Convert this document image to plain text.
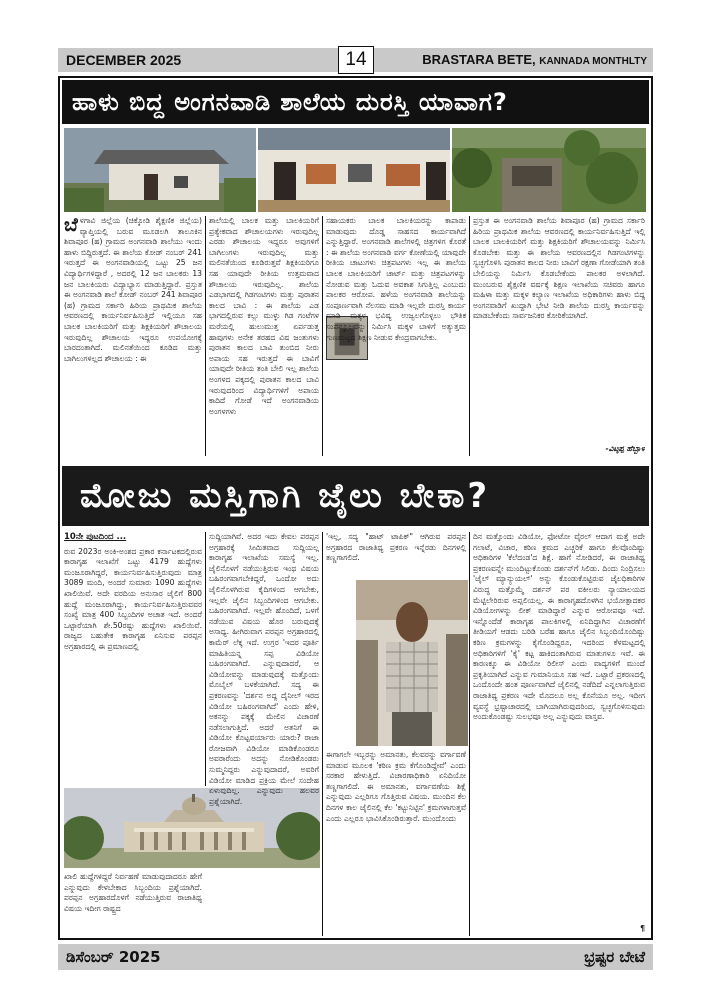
DECEMBER 2025	14	BRASTARA BETE, KANNADA MONTHLTY
ಹಾಳು ಬಿದ್ದ ಅಂಗನವಾಡಿ ಶಾಲೆಯ ದುರಸ್ತಿ ಯಾವಾಗ?
ಬೆಳಗಾವಿ ಜಿಲ್ಲೆಯ (ಚಿಕ್ಕೋಡಿ ಶೈಕ್ಷಣಿಕ ಜಿಲ್ಲೆಯ) ವ್ಯಾಪ್ತಿಯಲ್ಲಿ ಬರುವ ಮೂಡಲಗಿ ತಾಲೂಕಿನ ಶಿವಾಪೂರ (ಹ) ಗ್ರಾಮದ ಅಂಗನವಾಡಿ ಶಾಲೆಯು ಇಂದು ಹಾಳು ಬಿದ್ದಿರುತ್ತದೆ. ಈ ಶಾಲೆಯ ಕೋಡ್ ನಂಬರ್ 241 ಇರುತ್ತದೆ ಈ ಅಂಗನವಾಡಿಯಲ್ಲಿ ಒಟ್ಟು 25 ಜನ ವಿದ್ಯಾರ್ಥಿಗಳಿದ್ದಾರೆ , ಅದರಲ್ಲಿ 12 ಜನ ಬಾಲಕರು 13 ಜನ ಬಾಲಕಿಯರು ವಿದ್ಯಾಭ್ಯಾಸ ಮಾಡುತ್ತಿದ್ದಾರೆ. ಪ್ರಸ್ತುತ ಈ ಅಂಗನವಾಡಿ ಶಾಲೆ ಕೋಡ್ ನಂಬರ್ 241 ಶಿವಾಪೂರ (ಹ) ಗ್ರಾಮದ ಸರ್ಕಾರಿ ಹಿರಿಯ ಪ್ರಾಥಮಿಕ ಶಾಲೆಯ ಆವರಣದಲ್ಲಿ ಕಾರ್ಯನಿರ್ವಹಿಸುತ್ತಿದೆ ಇಲ್ಲಿಯೂ ಸಹ ಬಾಲಕ ಬಾಲಕಿಯರಿಗೆ ಮತ್ತು ಶಿಕ್ಷಕಿಯರಿಗೆ ಶೌಚಾಲಯ ಇರುವುದಿಲ್ಲ ಶೌಚಾಲಯ ಇದ್ದರೂ ಉಪಯೋಗಕ್ಕೆ ಬಾರದಂತಾಗಿದೆ. ಮಲಿನತೆಯಿಂದ ಕೂಡಿದ ಮತ್ತು ಬಾಗಿಲುಗಳಿಲ್ಲದ ಶೌಚಾಲಯ : ಈ
ಶಾಲೆಯಲ್ಲಿ ಬಾಲಕ ಮತ್ತು ಬಾಲಕಿಯರಿಗೆ ಪ್ರತ್ಯೇಕವಾದ ಶೌಚಾಲಯಗಳು ಇರುವುದಿಲ್ಲ ಎರಡು ಶೌಚಾಲಯ ಇದ್ದರೂ ಅವುಗಳಿಗೆ ಬಾಗಿಲುಗಳು ಇರುವುದಿಲ್ಲ ಮತ್ತು ಮಲಿನತೆಯಿಂದ ಕೂಡಿರುತ್ತವೆ ಶಿಕ್ಷಕಿಯರಿಗೂ ಸಹ ಯಾವುದೇ ರೀತಿಯ ಉತ್ತಮವಾದ ಶೌಚಾಲಯ ಇರುವುದಿಲ್ಲ. ಶಾಲೆಯ ಎಡಭಾಗದಲ್ಲಿ ಗಿಡಗಂಟಿಗಳು ಮತ್ತು ಪುರಾತನ ಕಾಲದ ಬಾವಿ : ಈ ಶಾಲೆಯ ಎಡ ಭಾಗದಲ್ಲಿರುವ ಕಲ್ಲು ಮುಳ್ಳು ಗಿಡ ಗಂಟೆಗಳ ಮರೆಯಲ್ಲಿ ಹುಲುಮುತ್ತ ಏರ್ಪಡುತ್ತ ಹಾವುಗಳು ಅನೇಕ ತರಹದ ವಿಷ ಜಂತುಗಳು ಪುರಾತನ ಕಾಲದ ಬಾವಿ ತುಂಬಿದ ನೀರು ಅಪಾಯ ಸಹ ಇರುತ್ತದೆ ಈ ಬಾವಿಗೆ ಯಾವುದೇ ರೀತಿಯ ತಂತಿ ಬೇಲಿ ಇಲ್ಲ ಶಾಲೆಯ ಅಂಗಳದ ಪಕ್ಕದಲ್ಲಿ ಪುರಾತನ ಕಾಲದ ಬಾವಿ ಇರುವುದರಿಂದ ವಿದ್ಯಾರ್ಥಿಗಳಿಗೆ ಅಪಾಯ ಕಾದಿದೆ ಗೋಡೆ ಇದೆ ಅಂಗನವಾಡಿಯ ಅಂಗಳಗಳು
ಸಹಾಯಕರು ಬಾಲಕ ಬಾಲಕಿಯರನ್ನು ಕಾಪಾಡು ಮಾಡುವುದು ದೊಡ್ಡ ಸಾಹಸದ ಕಾರ್ಯವಾಗಿದೆ ಎನ್ನುತ್ತಿದ್ದಾರೆ. ಅಂಗನವಾಡಿ ಶಾಲೆಗಳಲ್ಲಿ ಚಿತ್ರಗಳಿಗ ಕೊರತೆ : ಈ ಶಾಲೆಯ ಅಂಗನವಾಡಿ ವರ್ಗ ಕೋಣೆಯಲ್ಲಿ ಯಾವುದೇ ರೀತಿಯ ಚಾಟುಗಳು ಚಿತ್ರಪಟಗಳು ಇಲ್ಲ ಈ ಶಾಲೆಯ ಬಾಲಕ ಬಾಲಕಿಯರಿಗೆ ಚಾರ್ಟ್ ಮತ್ತು ಚಿತ್ರಪಟಗಳನ್ನು ನೋಡುವ ಮತ್ತು ಓದುವ ಅವಕಾಶ ಸಿಗುತ್ತಿಲ್ಲ ಎಂಬುದು ಪಾಲಕರ ಆರೋಪ. ಹಳೆಯ ಅಂಗನವಾಡಿ ಶಾಲೆಯನ್ನು ಸಂಪೂರ್ಣವಾಗಿ ನೆಲಸಮ ಮಾಡಿ ಇಲ್ಲವೇ ದುರಸ್ತಿ ಕಾರ್ಯ ಮಾಡಿ ಮಕ್ಕಳ ಭವಿಷ್ಯ ಉಜ್ವಲಗೊಳ್ಳಲು ಭೌತಿಕ ಸಂಪನ್ಮೂಲವನ್ನು ನಿರ್ಮಿಸಿ ಮಕ್ಕಳ ಬಾಳಿಗೆ ಅತ್ಯುತ್ತಮ ಗುಣಮಟ್ಟದ ಶಿಕ್ಷಣ ನೀಡುವ ಕೇಂದ್ರವಾಗಬೇಕು.
ಪ್ರಸ್ತುತ ಈ ಅಂಗನವಾಡಿ ಶಾಲೆಯ ಶಿವಾಪೂರ (ಹ) ಗ್ರಾಮದ ಸರ್ಕಾರಿ ಹಿರಿಯ ಪ್ರಾಥಮಿಕ ಶಾಲೆಯ ಆವರಣದಲ್ಲಿ ಕಾರ್ಯನಿರ್ವಹಿಸುತ್ತಿದೆ ಇಲ್ಲಿ ಬಾಲಕ ಬಾಲಕಿಯರಿಗೆ ಮತ್ತು ಶಿಕ್ಷಕಿಯರಿಗೆ ಶೌಚಾಲಯವನ್ನು ನಿರ್ಮಿಸಿ ಕೊಡಬೇಕು ಮತ್ತು ಈ ಶಾಲೆಯ ಆವರಣದಲ್ಲಿನ ಗಿಡಗಂಟಿಗಳನ್ನು ಸ್ವಚ್ಛಗೊಳಿಸಿ ಪುರಾತನ ಕಾಲದ ನೀರು ಬಾವಿಗೆ ರಕ್ಷಣಾ ಗೋಡೆಯಾಗಿ ತಂತಿ ಬೇಲಿಯನ್ನು ನಿರ್ಮಿಸಿ ಕೊಡಬೇಕೆಂದು ಪಾಲಕರ ಅಳಲಾಗಿದೆ. ಮುಂಬರುವ ಶೈಕ್ಷಣಿಕ ವರ್ಷಕ್ಕೆ ಶಿಕ್ಷಣ ಇಲಾಖೆಯ ಸಚಿವರು ಹಾಗೂ ಮಹಿಳಾ ಮತ್ತು ಮಕ್ಕಳ ಕಲ್ಯಾಣ ಇಲಾಖೆಯ ಅಧಿಕಾರಿಗಳು ಹಾಳು ಬಿದ್ದ ಅಂಗನವಾಡಿಗೆ ಖುದ್ದಾಗಿ ಭೇಟಿ ನೀಡಿ ಶಾಲೆಯ ದುರಸ್ತಿ ಕಾರ್ಯವನ್ನು ಮಾಡಬೇಕೆಂದು ಸಾರ್ವಜನಿಕರ ಕೋರಿಕೆಯಾಗಿದೆ.
-ವಿಟ್ಠಪ್ಪ ಹೆಬ್ಬಾಳ
ಮೋಜು ಮಸ್ತಿಗಾಗಿ ಜೈಲು ಬೇಕಾ?
10ನೇ ಪುಟದಿಂದ ...
ರುವ 2023ರ ಅಂಕಿ-ಅಂಶದ ಪ್ರಕಾರ ಕರ್ನಾಟಕದಲ್ಲಿರುವ ಕಾರಾಗೃಹ ಇಲಾಖೆಗೆ ಒಟ್ಟು 4179 ಹುದ್ದೆಗಳು ಮಂಜೂರಾಗಿದ್ದರೆ, ಕಾರ್ಯನಿರ್ವಹಿಸುತ್ತಿರುವುದು ಮಾತ್ರ 3089 ಮಂದಿ, ಅಂದರೆ ಸುಮಾರು 1090 ಹುದ್ದೆಗಳು ಖಾಲಿಯಿವೆ. ಅದೇ ವರದಿಯ ಅನುಸಾರ ಜೈಲಿಗೆ 800 ಹುದ್ದೆ ಮಂಜೂರಾಗಿದ್ದು, ಕಾರ್ಯನಿರ್ವಹಿಸುತ್ತಿರುವವರ ಸಂಖ್ಯೆ ಮಾತ್ರ 400 ಸಿಬ್ಬಂದಿಗಳ ಅಚಾತ ಇದೆ. ಅಂದರೆ ಒಟ್ಟಾರೆಯಾಗಿ ಶೇ.50ರಷ್ಟು ಹುದ್ದೆಗಳು ಖಾಲಿಯಿವೆ. ರಾಜ್ಯದ ಬಹುತೇಕ ಕಾರಾಗೃಹ ಏನಿಸುವ ಪರಪ್ಪನ ಅಗ್ರಹಾರದಲ್ಲಿ ಈ ಪ್ರಮಾಣದಲ್ಲಿ
ಖಾಲಿ ಹುದ್ದೆಗಳಿದ್ದರೆ ನಿರ್ವಹಣೆ ಮಾಡುವುದಾದರೂ ಹೇಗೆ ಎನ್ನುವುದು ಕೇಳಬೇಕಾದ ಸಿಬ್ಬಂದಿಯ ಪ್ರಶ್ನೆಯಾಗಿದೆ. ಪರಪ್ಪನ ಅಗ್ರಹಾರದೊಳಗೆ ನಡೆಯುತ್ತಿರುವ ರಾಜಾತಿಥ್ಯ ವಿಷಯ ಇದೀಗ ರಾಷ್ಟ್ರದ
ಸುದ್ದಿಯಾಗಿವೆ. ಅದರ ಇದು ಕೇವಲ ಪರಪ್ಪನ ಅಗ್ರಹಾರಕ್ಕೆ ಸೀಮಿತವಾದ ಸುದ್ದಿಯಲ್ಲ ಕಾರಾಗೃಹ ಇಲಾಖೆಯ ಸಮಸ್ಯೆ ಇಲ್ಲ. ಜೈಲಿನೊಳಗೆ ನಡೆಯುತ್ತಿರುವ ಇಂಥ ವಿಷಯ ಬಹಿರಂಗವಾಗಬೇಕಿದ್ದರೆ, ಒಂದೋ ಅದು ಜೈಲಿನೊಳಗಿರುವ ಕೈದಿಗಳಿಂದ ಆಗಬೇಕು, ಇಲ್ಲವೇ ಜೈಲಿನ ಸಿಬ್ಬಂದಿಗಳಿಂದ ಆಗಬೇಕು. ಬಹಿರಂಗವಾಗಿದೆ. ಇಲ್ಲವೇ ಹೊಂದಿದೆ, ಒಳಗೆ ನಡೆಯುವ ವಿಷಯ ಹೊರ ಬರುವುದಕ್ಕೆ ಅಸಾಧ್ಯ. ಹೀಗಿರುವಾಗ ಪರಪ್ಪನ ಅಗ್ರಹಾರದಲ್ಲಿ ಕಾಮೆರ್ ಲೆಕ್ಕ ಇದೆ. ಉಗ್ರರ 'ಇದರ ಪೂರ್ತಿ ಮಾಹಿತಿಯನ್ನ ಸಪ್ಪ ವಿಡಿಯೋ ಬಹಿರಂಗವಾಗಿದೆ. ಎನ್ನುವುದಾದರೆ, ಆ ವಿಡಿಯೋವನ್ನು ಮಾಡುವುದಕ್ಕೆ ಮತ್ತೊಂದು ಮೊಬೈಲ್ ಬಳಕೆಯಾಗಿದೆ. ಸದ್ಯ ಈ ಪ್ರಕರಣವನ್ನು 'ದರ್ಶನ ಅದ್ದ ದೈನೀಲ್ ಇರದ ವಿಡಿಯೋ ಬಹಿರಂಗವಾಗಿದೆ' ಎಂದು ಹೇಳಿ, ಅಕನನ್ನು ಪಕ್ಕಕ್ಕೆ ಮೇಲಿನ ವಿಚಾರಣೆ ನಡೆಸಲಾಗುತ್ತಿದೆ. ಅದರೆ ಅತನಿಗೆ ಈ ವಿಡಿಯೋ ಕೊಟ್ಟವರ್ಯಾರು ಯಾರು? ರಾಜಾ ರೋಜವಾಗಿ ವಿಡಿಯೋ ಮಾಡಿಕೊಂಡರೂ ಅವರಾರೆಂದು ಅದನ್ನು ನೋಡಿಕೊಂಡರು ಸುಮ್ಮನಿದ್ದರು ಎನ್ನುವುದಾದರೆ, ಅವರಿಗೆ ವಿಡಿಯೋ ಮಾಡಿದ ಪ್ರಕ್ರಿಯ ಮೇಲೆ ಸಂದೇಹ ಏಳುವುದಿಲ್ಲ. ಎನ್ನುವುದು ಹಲವರ ಪ್ರಶ್ನೆಯಾಗಿದೆ.
'ಇಲ್ಲ, ಸದ್ಯ "ಹಾಟ್ ಟಾಪಿಕ್" ಆಗಿರುವ ಪರಪ್ಪನ ಅಗ್ರಹಾರದ ರಾಜಾತಿಥ್ಯ ಪ್ರಕರಣ ಇನ್ನೆರಡು ದಿನಗಳಲ್ಲಿ ತಣ್ಣಗಾಗಲಿದೆ.
ಈಗಾಗಲೇ ಇಬ್ಬರನ್ನು ಅಮಾನತು, ಕೆಲವರನ್ನು ವರ್ಗಾವಣೆ ಮಾಡುವ ಮೂಲಕ 'ಕಠಿಣ ಕ್ರಮ ಕೆಗೊಂಡಿದ್ದೇವೆ' ಎಂದು ಸರಕಾರ ಹೇಳುತ್ತಿದೆ. ವಿಚಾರಣಾಧಿಕಾರಿ ಏನಿದಿಯೋ ತಣ್ಣಗಾಗಲಿದೆ. ಈ ಅಮಾನತು, ವರ್ಗಾವಣೆಯ ಶಿಕ್ಷೆ ಎನ್ನುವುದು ಎಲ್ಲರಿಗೂ ಗೊತ್ತಿರುವ ವಿಷಯ. ಮುಂದಿನ ಕೆಲ ದಿನಗಳ ಕಾಲ ಜೈಲಿನಲ್ಲಿ ಕೆಲ 'ಕಟ್ಟುನಿಟ್ಟಿನ' ಕ್ರಮಗಳಾಗುತ್ತವೆ ಎಂದು ಎಲ್ಲರೂ ಭಾವಿಸಿಕೊಂಡಿರುತ್ತಾರೆ. ಮುಂದೊಂದು
ದಿನ ಮತ್ತೊಂದು ವಿಡಿಯೋ, ಫೋಟೋ ವೈರಲ್ ಆದಾಗ ಮತ್ತೆ ಅದೇ ಗಲಾಟೆ, ವಿಚಾರ, ಕಠಿಣ ಕ್ರಮದ ಎಚ್ಚರಿಕೆ ಹಾಗೂ ಕೆಲವೊಂದಿಷ್ಟು ಅಧಿಕಾರಿಗಳ 'ಕೆಲೆದಂಡ'ದ ಶಿಕ್ಷೆ. ಹಾಗೆ ನೋಡಿದರೆ, ಈ ರಾಜಾತಿಥ್ಯ ಪ್ರಕರಣವನ್ನೇ ಮುಂದಿಟ್ಟುಕೊಂಡು ದರ್ಶನ್‌ಗೆ ಸಿಲಿಡು. ದಿಂದು ನಿಂದ್ರಿಸಲು 'ಜೈಲ್ ಮ್ಯಾನ್ಯುಯಲ್' ಅನ್ನು ಕೊಂಡುಕೊಟ್ಟಿರುವ ಜೈಲಧಿಕಾರಿಗಳ ವಿರುದ್ಧ ಮತ್ತೊಮ್ಮೆ ದರ್ಶನ್ ಪರ ವಕೀಲರು ನ್ಯಾಯಾಲಯದ ಮೆಟ್ಟಿಲೇರಿರುವ ಅಪ್ಪಲಿಯಲ್ಲ. ಈ ಕಾರಾಗೃಹದೊಳಗಿನ ಭಯೋತ್ಪಾದಕರ ವಿಡಿಯೋಗಳನ್ನು ಲೀಕ್ ಮಾಡಿದ್ದಾರೆ ಎನ್ನುವ ಆರೋಪವೂ ಇದೆ. ಇನ್ನೊಂದೆಡೆ ಕಾರಾಗೃಹ ಪಾಲಕಿಗಳಲ್ಲಿ ಏನಿದಿದ್ದಾಗಿನ ವಿಚಾರಣೆಗೆ ತೀಡಿಯಗೆ ಆಡದು ಬರಿಡಿ ಬರೆಹ ಹಾಗೂ ಜೈಲಿನ ಸಿಬ್ಬಂದಿಯೊಂದಿಷ್ಟು ಕಠಿಣ ಕ್ರಮಗಳನ್ನು ಕೈಗೊಂಡಿದ್ದರೂ, ಇದರಿಂದ ಕೆಳಮಟ್ಟದಲ್ಲಿ ಅಧಿಕಾರಿಗಳಿಗೆ 'ಕೈ' ಕಟ್ಟ ಹಾಕಿದಂತಾಗಿರುವ ಮಾತುಗಳೂ ಇವೆ. ಈ ಕಾರಣಕ್ಕೂ ಈ ವಿಡಿಯೋ ರಿಲೀಸ್ ಎಂದು ವಾದ್ಯಗಳಿಗೆ ಮುಂದೆ ಪ್ರಕೃತಿಯಾಗಿದೆ ಎನ್ನುವ ಗುಮಾನಿಯೂ ಸಹ ಇದೆ. ಒಟ್ಟಾರೆ ಪ್ರಕರಣದಲ್ಲಿ ಒಂದೊಂದೇ ಹಂತ ಪೂರ್ಣವಾಗಿದೆ ಜೈಲಿನಲ್ಲಿ ನಡೆದಿದೆ ಎನ್ನಲಾಗುತ್ತಿರುವ ರಾಜಾತಿಥ್ಯ ಪ್ರಕರಣ ಇದೇ ಮೊದಲೂ ಅಲ್ಲ ಕೊನೆಯೂ ಅಲ್ಲ. ಇದೀಗ ವ್ಯವಸ್ಥೆ ಭ್ರಷ್ಟಾಚಾರದಲ್ಲಿ ಬಾಗಿಯಾಗಿರುವುದರಿಂದ, ಸ್ವಚ್ಛಗೊಳಿಸುವುದು ಅಂದುಕೊಂಡಷ್ಟು ಸುಲಭವೂ ಅಲ್ಲ ಎನ್ನುವುದು ವಾಸ್ತವ.
¶
ಡಿಸೆಂಬರ್ 2025	ಭ್ರಷ್ಟರ ಬೇಟೆ
